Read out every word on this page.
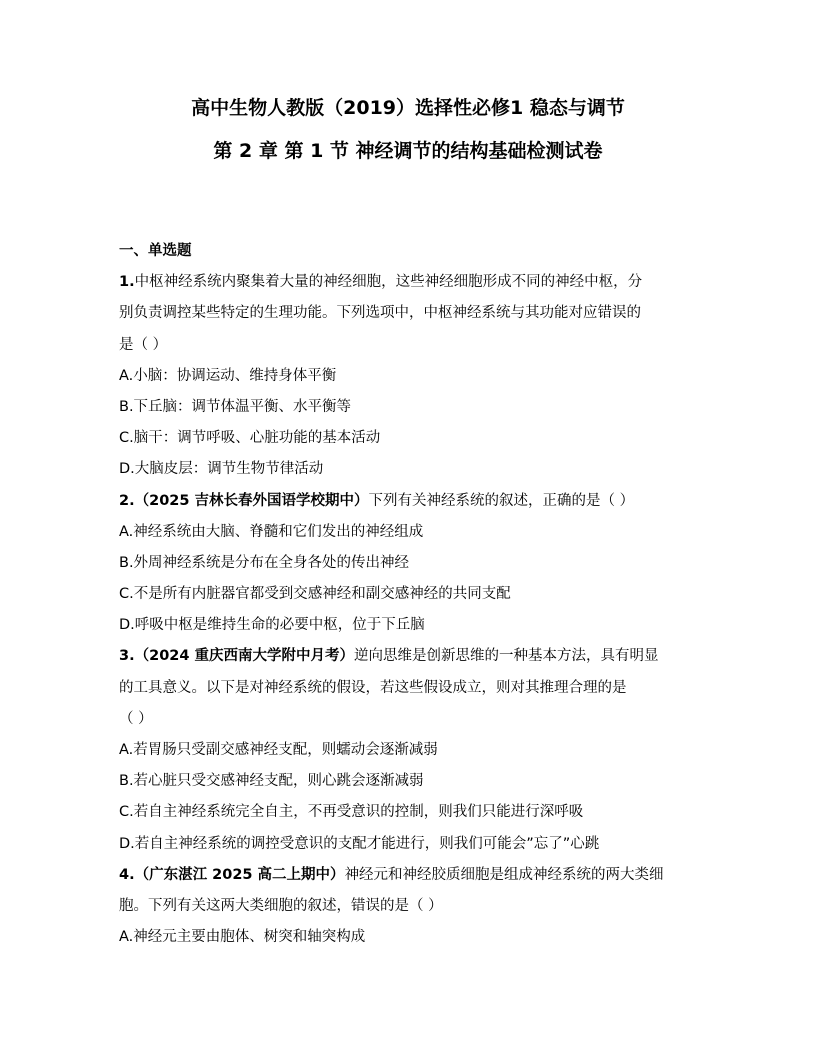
高中生物人教版（2019）选择性必修1 稳态与调节
第 2 章 第 1 节 神经调节的结构基础检测试卷
一、单选题
1.中枢神经系统内聚集着大量的神经细胞，这些神经细胞形成不同的神经中枢，分
别负责调控某些特定的生理功能。下列选项中，中枢神经系统与其功能对应错误的
是（ ）
A.小脑：协调运动、维持身体平衡
B.下丘脑：调节体温平衡、水平衡等
C.脑干：调节呼吸、心脏功能的基本活动
D.大脑皮层：调节生物节律活动
2.（2025 吉林长春外国语学校期中）下列有关神经系统的叙述，正确的是（ ）
A.神经系统由大脑、脊髓和它们发出的神经组成
B.外周神经系统是分布在全身各处的传出神经
C.不是所有内脏器官都受到交感神经和副交感神经的共同支配
D.呼吸中枢是维持生命的必要中枢，位于下丘脑
3.（2024 重庆西南大学附中月考）逆向思维是创新思维的一种基本方法，具有明显
的工具意义。以下是对神经系统的假设，若这些假设成立，则对其推理合理的是
（ ）
A.若胃肠只受副交感神经支配，则蠕动会逐渐减弱
B.若心脏只受交感神经支配，则心跳会逐渐减弱
C.若自主神经系统完全自主，不再受意识的控制，则我们只能进行深呼吸
D.若自主神经系统的调控受意识的支配才能进行，则我们可能会”忘了”心跳
4.（广东湛江 2025 高二上期中）神经元和神经胶质细胞是组成神经系统的两大类细
胞。下列有关这两大类细胞的叙述，错误的是（ ）
A.神经元主要由胞体、树突和轴突构成
